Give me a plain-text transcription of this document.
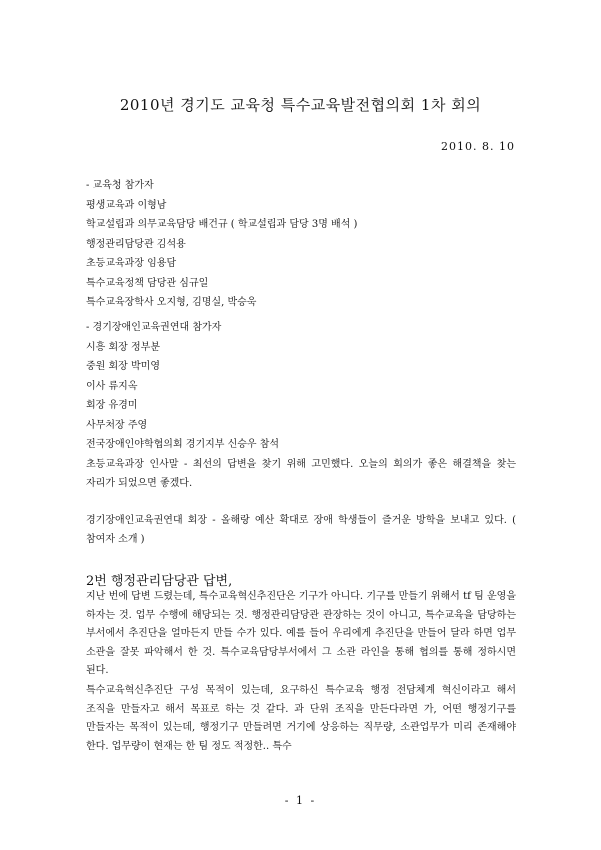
2010년 경기도 교육청 특수교육발전협의회 1차 회의
2010. 8. 10
- 교육청 참가자
평생교육과 이형남
학교설립과 의무교육담당 배건규 ( 학교설립과 담당 3명 배석 )
행정관리담당관 김석용
초등교육과장 임용담
특수교육정책 담당관 심규일
특수교육장학사 오지형, 김명실, 박승욱
- 경기장애인교육권연대 참가자
시흥 회장 정부분
중원 회장 박미영
이사 류지옥
회장 유경미
사무처장 주영
전국장애인야학협의회 경기지부 신승우 참석
초등교육과장 인사말 - 최선의 답변을 찾기 위해 고민했다. 오늘의 회의가 좋은 해결책을 찾는 자리가 되었으면 좋겠다.
경기장애인교육권연대 회장 - 올해랑 예산 확대로 장애 학생들이 즐거운 방학을 보내고 있다. ( 참여자 소개 )
2번 행정관리담당관 답변,
지난 번에 답변 드렸는데, 특수교육혁신추진단은 기구가 아니다. 기구를 만들기 위해서 tf 팀 운영을 하자는 것. 업무 수행에 해당되는 것. 행정관리담당관 관장하는 것이 아니고, 특수교육을 담당하는 부서에서 추진단을 얼마든지 만들 수가 있다. 예를 들어 우리에게 추진단을 만들어 달라 하면 업무 소관을 잘못 파악해서 한 것. 특수교육담당부서에서 그 소관 라인을 통해 협의를 통해 정하시면 된다.
특수교육혁신추진단 구성 목적이 있는데, 요구하신 특수교육 행정 전담체계 혁신이라고 해서 조직을 만들자고 해서 목표로 하는 것 같다. 과 단위 조직을 만든다라면 가, 어떤 행정기구를 만들자는 목적이 있는데, 행정기구 만들려면 거기에 상응하는 직무량, 소관업무가 미리 존재해야 한다. 업무량이 현재는 한 팀 정도 적정한.. 특수
- 1 -
